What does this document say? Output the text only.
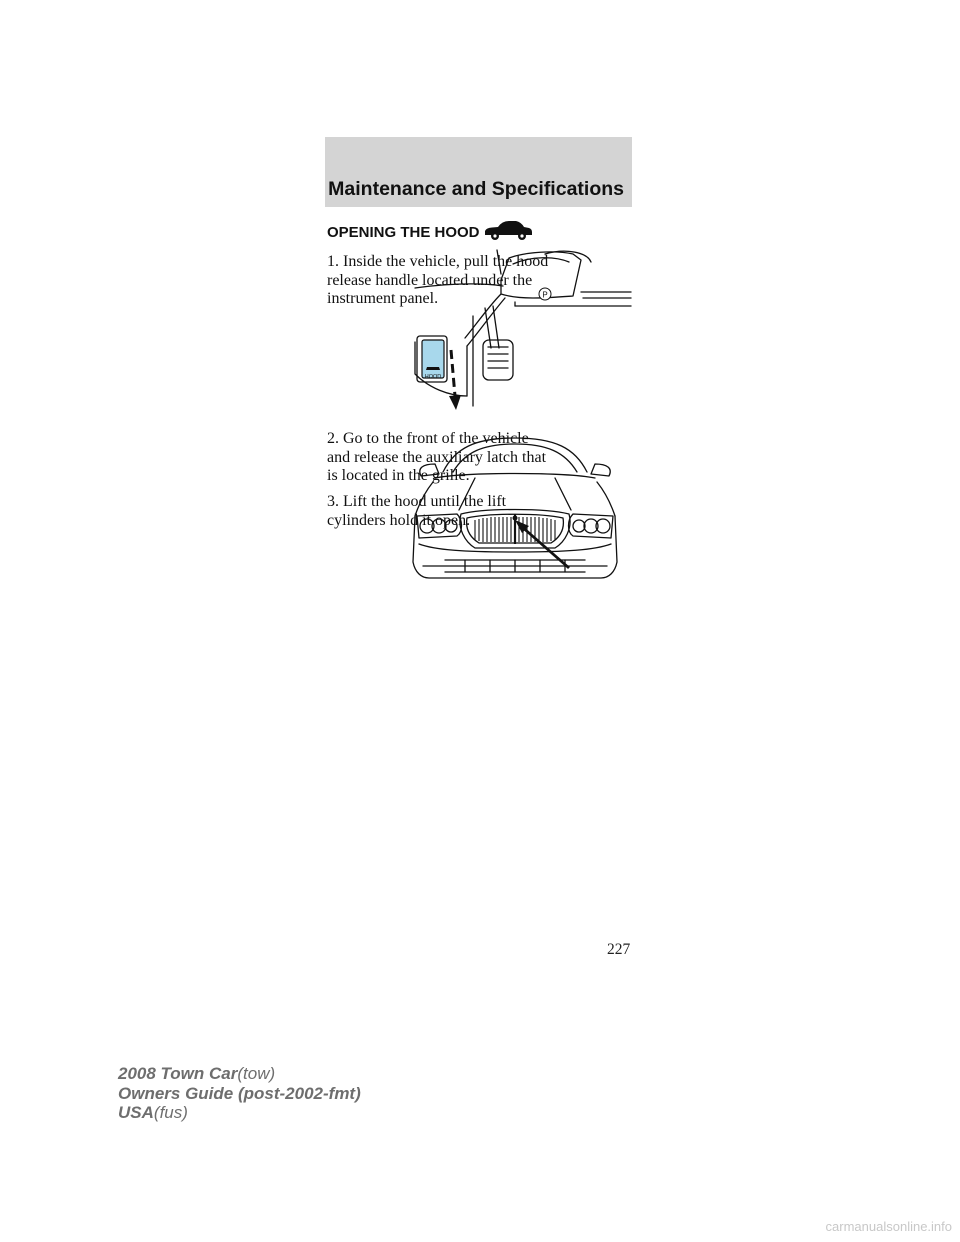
Maintenance and Specifications
OPENING THE HOOD

1. Inside the vehicle, pull the hood release handle located under the instrument panel.

HOOD
P

2. Go to the front of the vehicle and release the auxiliary latch that is located in the grille.

3. Lift the hood until the lift cylinders hold it open.

227
2008 Town Car(tow)
Owners Guide (post-2002-fmt)
USA(fus)
carmanualsonline.info
